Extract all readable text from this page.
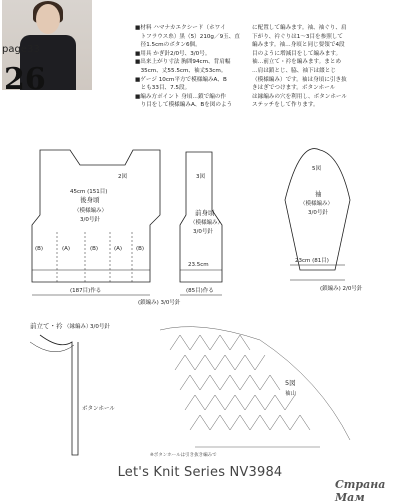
page33
26
■材料 ハマナカエクシード（ホワイ
　トフラウス糸）黒（5）210g／9玉、直
　径1.5cmのボタン6個。
■用具 かぎ針2/0号、3/0号。
■出来上がり寸法 胸囲94cm、背肩幅
　35cm、丈55.5cm、袖丈53cm。
■ゲージ 10cm平方で模様編みA、B
　とも33目、7.5段。
■編み方ポイント 身頃…鎖で編の作
　り目をして模様編みA、Bを図のよう
に配置して編みます。袖、袖ぐり、肩
下がり、衿ぐりは1〜3目を参照して
編みます。袖…身頃と同じ要領で4段
目のように増減目をして編みます。
袖…前立て・衿を編みます。まとめ
…肩は鎖とじ、脇、袖下は綴とじ
（模様編み）です。袖は身頃に引き抜
きはぎでつけます。ボタンホール
は縁編みの穴を利用し、ボタンホール
ステッチをして作ります。
後身頃
（模様編み）
3/0号針
(B)	(A)	(B)	(A)	(B)
45cm (151目)
(187目)作る
(鎖編み) 3/0号針
2図	3図
前身頃
（模様編み）
3/0号針
23.5cm
(85目)作る
5図
袖
（模様編み）
3/0号針
23cm (81目)
(鎖編み) 2/0号針
前立て・衿 （縁編み）
3/0号針
ボタンホール
5図
袖山
※ボタンホールは引き抜き編みで
Let's Knit Series NV3984
Страна Мам
